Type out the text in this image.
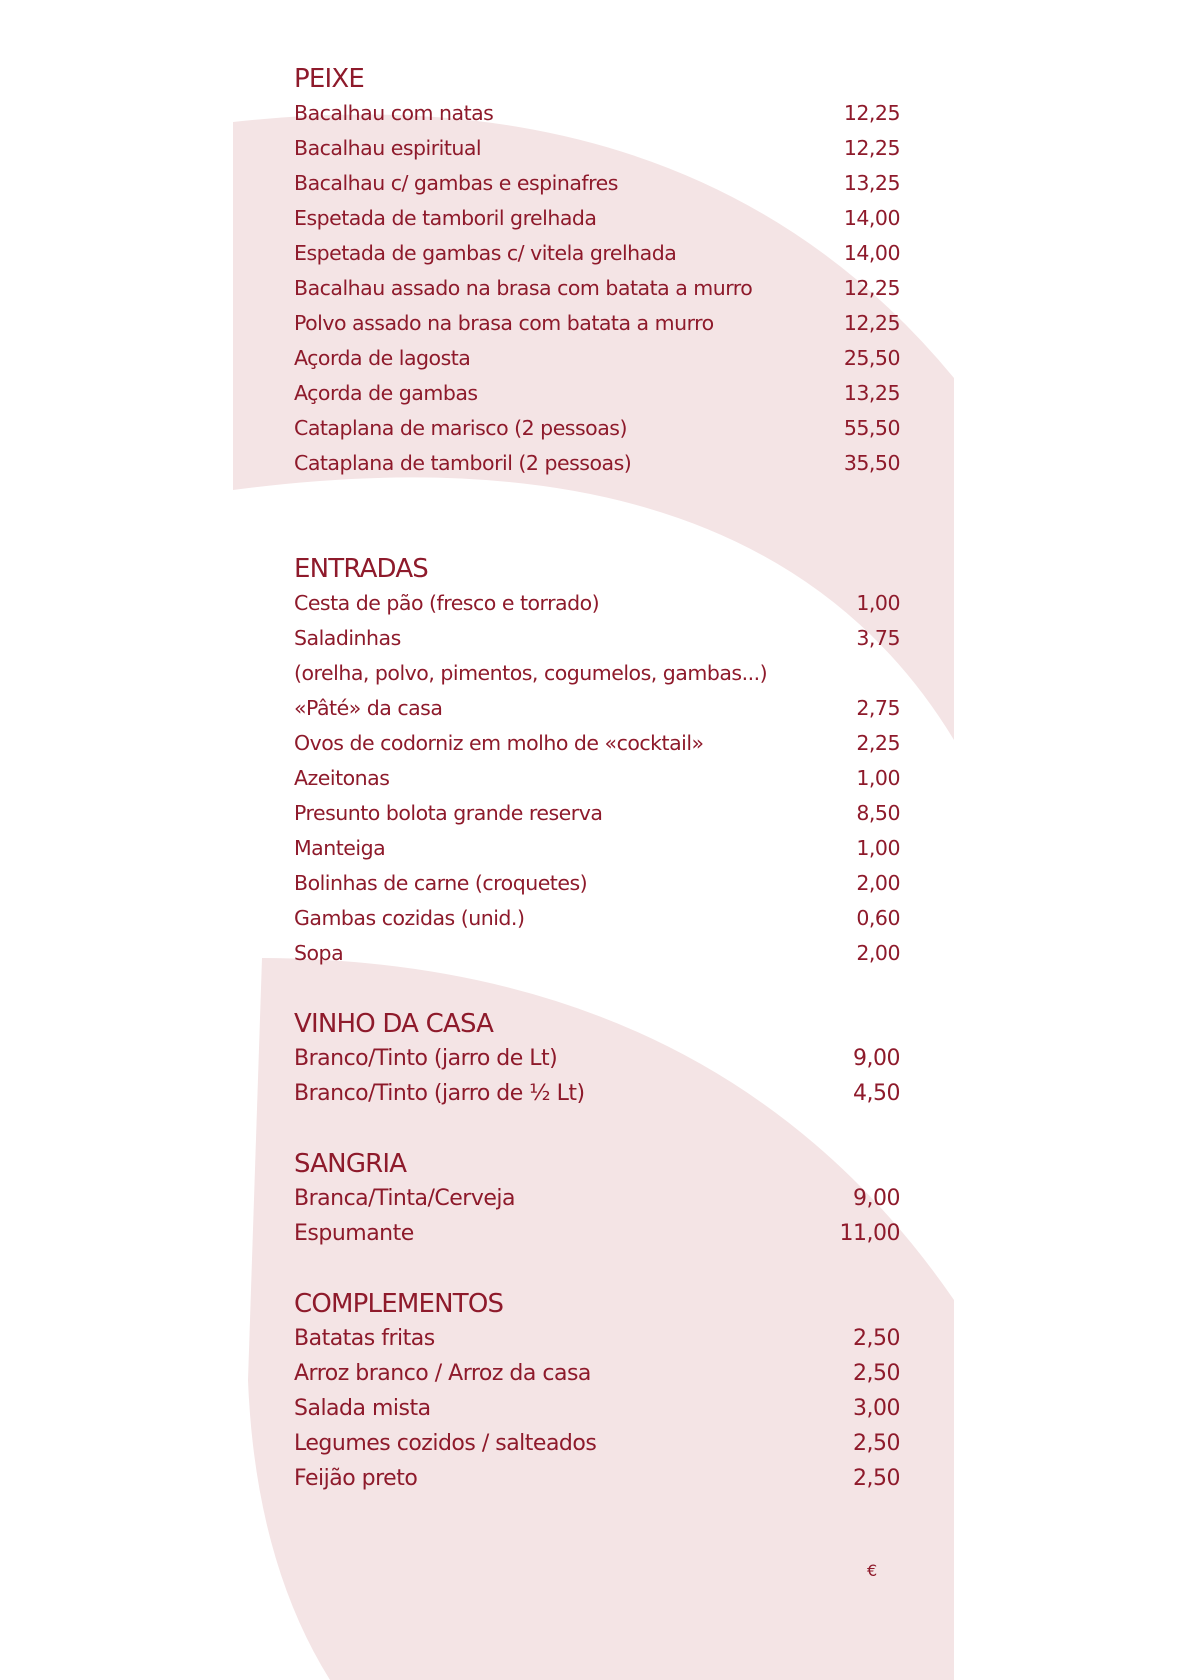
PEIXE
Bacalhau com natas	12,25
Bacalhau espiritual	12,25
Bacalhau c/ gambas e espinafres	13,25
Espetada de tamboril grelhada	14,00
Espetada de gambas c/ vitela grelhada	14,00
Bacalhau assado na brasa com batata a murro	12,25
Polvo assado na brasa com batata a murro	12,25
Açorda de lagosta	25,50
Açorda de gambas	13,25
Cataplana de marisco (2 pessoas)	55,50
Cataplana de tamboril (2 pessoas)	35,50
ENTRADAS
Cesta de pão (fresco e torrado)	1,00
Saladinhas	3,75
(orelha, polvo, pimentos, cogumelos, gambas...)
«Pâté» da casa	2,75
Ovos de codorniz em molho de «cocktail»	2,25
Azeitonas	1,00
Presunto bolota grande reserva	8,50
Manteiga	1,00
Bolinhas de carne (croquetes)	2,00
Gambas cozidas (unid.)	0,60
Sopa	2,00
VINHO DA CASA
Branco/Tinto (jarro de Lt)	9,00
Branco/Tinto (jarro de ½ Lt)	4,50
SANGRIA
Branca/Tinta/Cerveja	9,00
Espumante	11,00
COMPLEMENTOS
Batatas fritas	2,50
Arroz branco / Arroz da casa	2,50
Salada mista	3,00
Legumes cozidos / salteados	2,50
Feijão preto	2,50
€
